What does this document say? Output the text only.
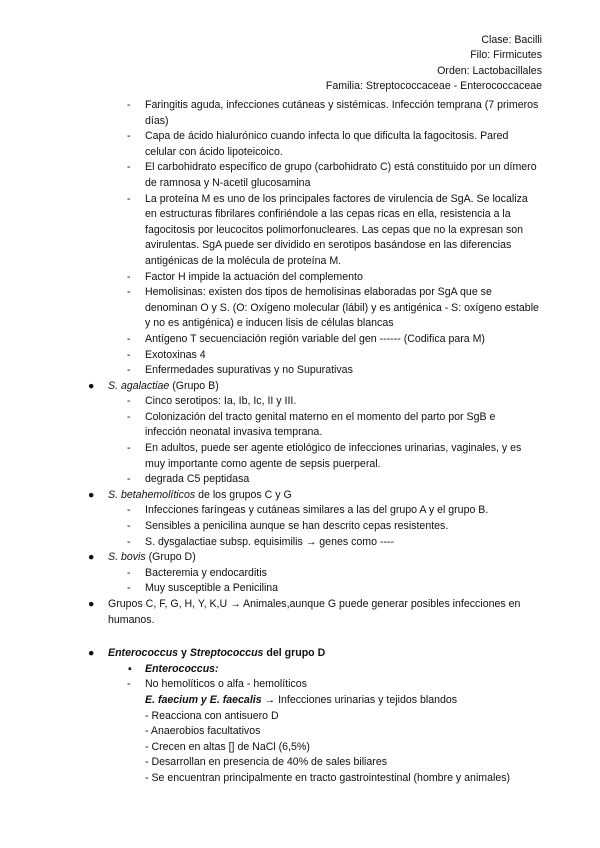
Clase: Bacilli
Filo: Firmicutes
Orden: Lactobacillales
Familia: Streptococcaceae - Enterococcaceae
- Faringitis aguda, infecciones cutáneas y sistémicas. Infección temprana (7 primeros días)
- Capa de ácido hialurónico cuando infecta lo que dificulta la fagocitosis. Pared celular con ácido lipoteicoico.
- El carbohidrato específico de grupo (carbohidrato C) está constituido por un dímero de ramnosa y N-acetil glucosamina
- La proteína M es uno de los principales factores de virulencia de SgA. Se localiza en estructuras fibrilares confiriéndole a las cepas ricas en ella, resistencia a la fagocitosis por leucocitos polimorfonucleares. Las cepas que no la expresan son avirulentas. SgA puede ser dividido en serotipos basándose en las diferencias antigénicas de la molécula de proteína M.
- Factor H impide la actuación del complemento
- Hemolisinas: existen dos tipos de hemolisinas elaboradas por SgA que se denominan O y S. (O: Oxígeno molecular (lábil) y es antigénica - S: oxígeno estable y no es antigénica) e inducen lisis de células blancas
- Antígeno T secuenciación región variable del gen ------ (Codifica para M)
- Exotoxinas 4
- Enfermedades supurativas y no Supurativas
● S. agalactiae (Grupo B)
- Cinco serotipos: Ia, Ib, Ic, II y III.
- Colonización del tracto genital materno en el momento del parto por SgB e infección neonatal invasiva temprana.
- En adultos, puede ser agente etiológico de infecciones urinarias, vaginales, y es muy importante como agente de sepsis puerperal.
- degrada C5 peptidasa
● S. betahemolíticos de los grupos C y G
- Infecciones faríngeas y cutáneas similares a las del grupo A y el grupo B.
- Sensibles a penicilina aunque se han descrito cepas resistentes.
- S. dysgalactiae subsp. equisimilis → genes como ----
● S. bovis (Grupo D)
- Bacteremia y endocarditis
- Muy susceptible a Penicilina
● Grupos C, F, G, H, Y, K,U → Animales,aunque G puede generar posibles infecciones en humanos.
● Enterococcus y Streptococcus del grupo D
▪ Enterococcus:
- No hemolíticos o alfa - hemolíticos
E. faecium y E. faecalis → Infecciones urinarias y tejidos blandos
- Reacciona con antisuero D
- Anaerobios facultativos
- Crecen en altas [] de NaCl (6,5%)
- Desarrollan en presencia de 40% de sales biliares
- Se encuentran principalmente en tracto gastrointestinal (hombre y animales)
